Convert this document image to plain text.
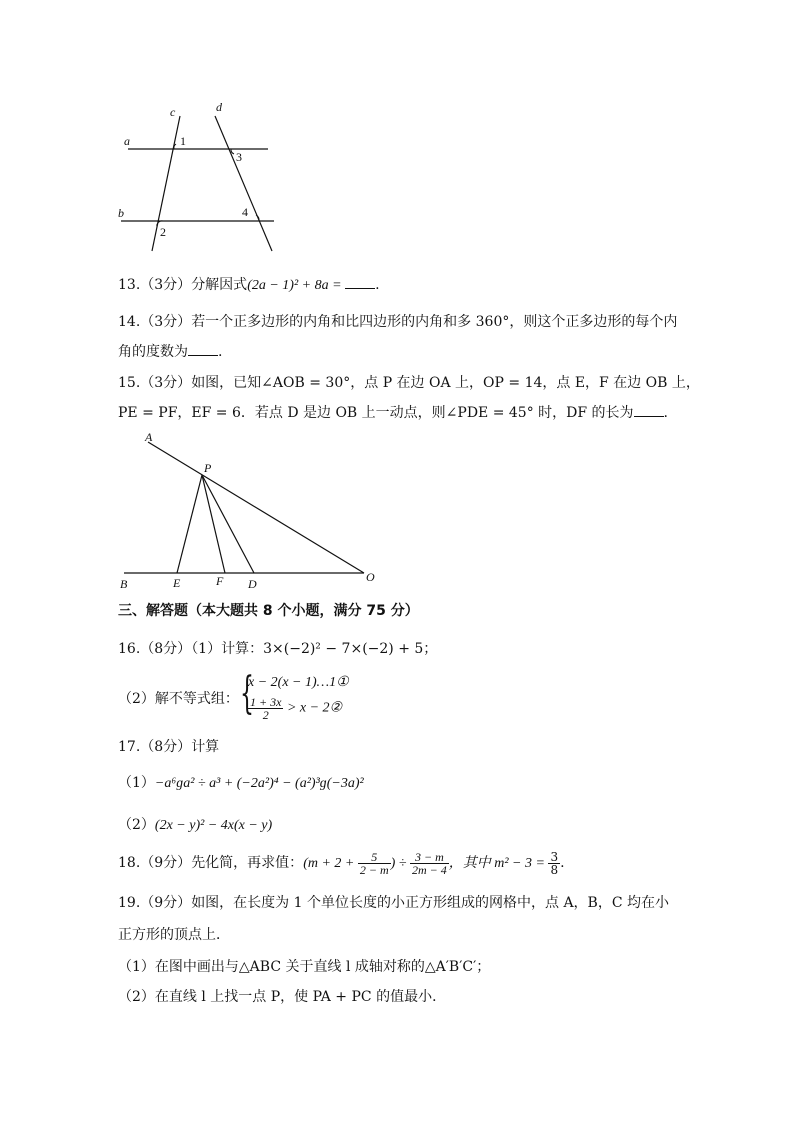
a
b
c	d
1
2
3
4
13.（3分）分解因式(2a − 1)² + 8a = .
14.（3分）若一个正多边形的内角和比四边形的内角和多 360°，则这个正多边形的每个内
角的度数为 .
15.（3分）如图，已知∠AOB = 30°，点 P 在边 OA 上，OP = 14，点 E，F 在边 OB 上，
PE = PF，EF = 6．若点 D 是边 OB 上一动点，则∠PDE = 45° 时，DF 的长为 .
A
P
B	E	F D	O
三、解答题（本大题共 8 个小题，满分 75 分）
16.（8分）（1）计算：3×(−2)² − 7×(−2) + 5；
（2）解不等式组： {
x − 2(x − 1)…1①
$\frac{1 + 3x}{2} > x$ − 2②
17.（8分）计算
（1）−a⁶ɡa² ÷ a³ + (−2a²)⁴ − (a²)³ɡ(−3a)²
（2）(2x − y)² − 4x(x − y)
18.（9分）先化简，再求值：($m + 2 + \frac{5}{2 - m}$ ) ÷ $\frac{3 - m}{2m - 4}$ ，其中 $m^2 - 3 = \frac{3}{8}$ .
19.（9分）如图，在长度为 1 个单位长度的小正方形组成的网格中，点 A，B，C 均在小
正方形的顶点上．
（1）在图中画出与△ABC 关于直线 l 成轴对称的△A′B′C′；
（2）在直线 l 上找一点 P，使 PA + PC 的值最小．
